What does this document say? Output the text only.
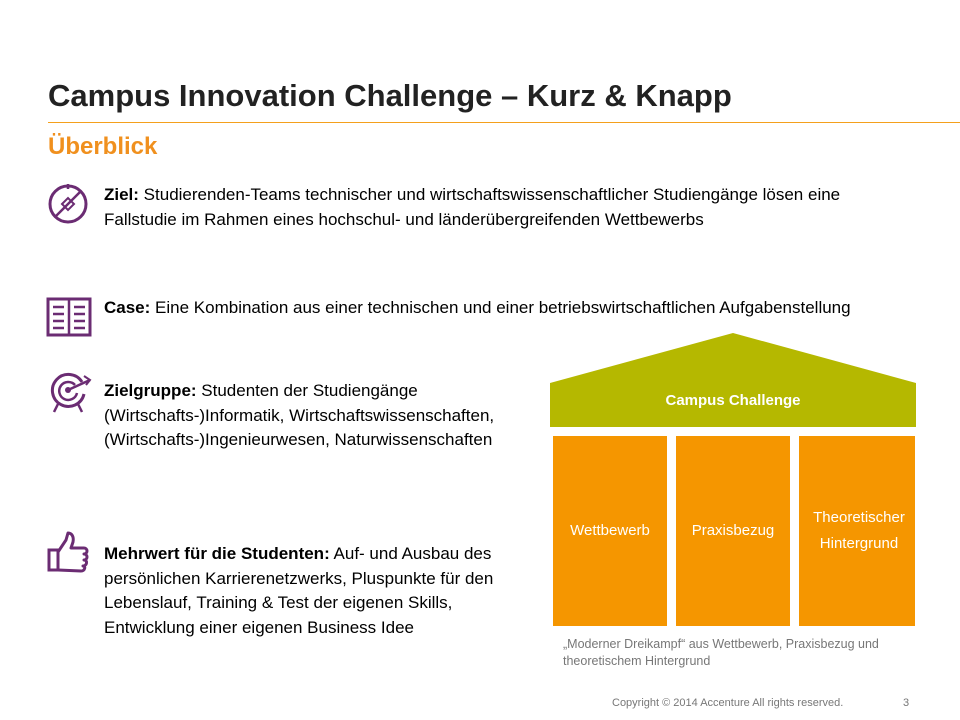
Campus Innovation Challenge – Kurz & Knapp
Überblick
Ziel: Studierenden-Teams technischer und wirtschaftswissenschaftlicher Studiengänge lösen eine Fallstudie im Rahmen eines hochschul- und länderübergreifenden Wettbewerbs
Case: Eine Kombination aus einer technischen und einer betriebswirtschaftlichen Aufgabenstellung
Zielgruppe: Studenten der Studiengänge (Wirtschafts-)Informatik, Wirtschaftswissenschaften, (Wirtschafts-)Ingenieurwesen, Naturwissenschaften
Mehrwert für die Studenten: Auf- und Ausbau des persönlichen Karrierenetzwerks, Pluspunkte für den Lebenslauf, Training & Test der eigenen Skills, Entwicklung einer eigenen Business Idee
Campus Challenge
Wettbewerb	Praxisbezug
Theoretischer Hintergrund
„Moderner Dreikampf“ aus Wettbewerb, Praxisbezug und theoretischem Hintergrund
Copyright © 2014 Accenture All rights reserved.	3
